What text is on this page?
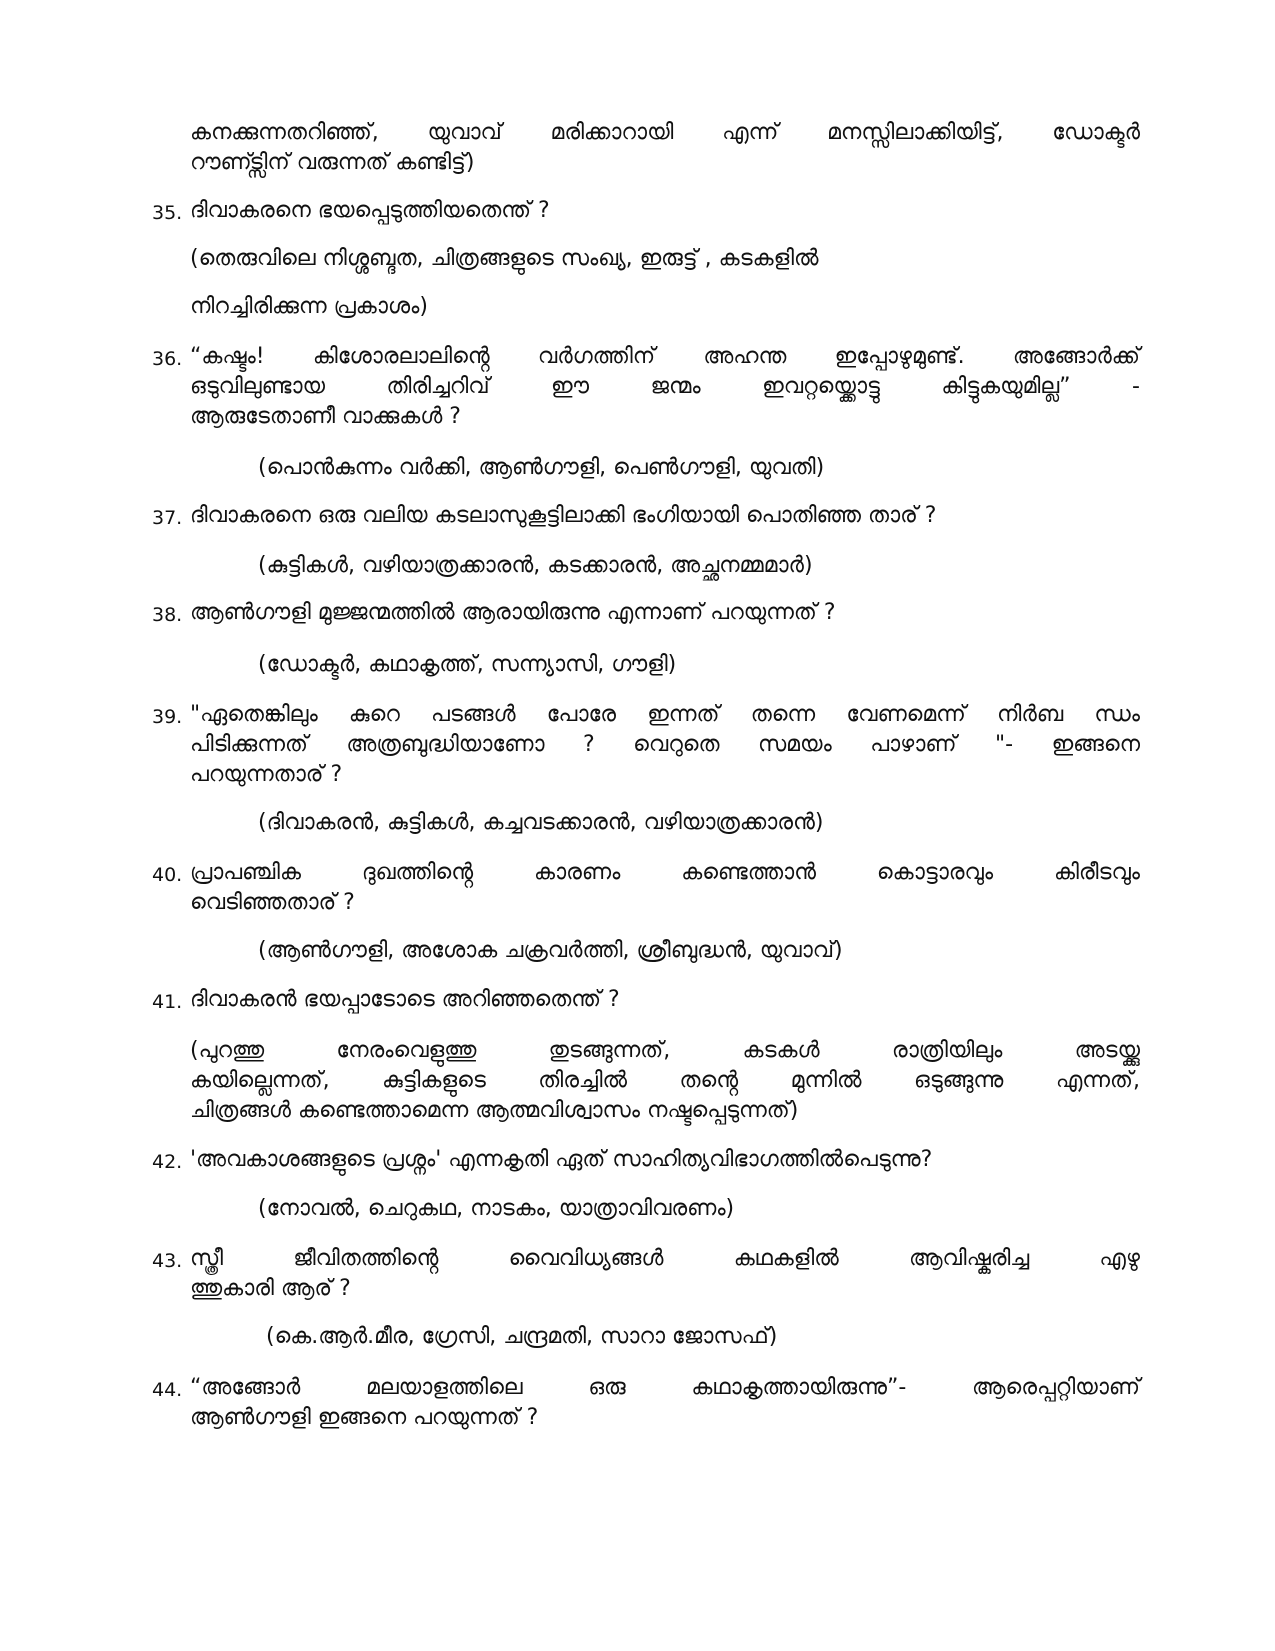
കനക്കുന്നതറിഞ്ഞ്, യുവാവ് മരിക്കാറായി എന്ന് മനസ്സിലാക്കിയിട്ട്, ഡോക്ടർ
റൗണ്ട്സിന് വരുന്നത് കണ്ടിട്ട്)
35. ദിവാകരനെ ഭയപ്പെടുത്തിയതെന്ത് ?
(തെരുവിലെ നിശ്ശബ്ദത, ചിത്രങ്ങളുടെ സംഖ്യ, ഇരുട്ട് , കടകളിൽ
നിറച്ചിരിക്കുന്ന പ്രകാശം)
36. “കഷ്ടം! കിശോരലാലിൻ്റെ വർഗത്തിന് അഹന്ത ഇപ്പോഴുമുണ്ട്. അങ്ങോർക്ക്
ഒടുവിലുണ്ടായ തിരിച്ചറിവ് ഈ ജന്മം ഇവറ്റയ്ക്കൊട്ടു കിട്ടുകയുമില്ല” -
ആരുടേതാണീ വാക്കുകൾ ?
(പൊൻകുന്നം വർക്കി, ആൺഗൗളി, പെൺഗൗളി, യുവതി)
37. ദിവാകരനെ ഒരു വലിയ കടലാസുകൂട്ടിലാക്കി ഭംഗിയായി പൊതിഞ്ഞ താര് ?
(കുട്ടികൾ, വഴിയാത്രക്കാരൻ, കടക്കാരൻ, അച്ഛനമ്മമാർ)
38. ആൺഗൗളി മുജ്ജന്മത്തിൽ ആരായിരുന്നു എന്നാണ് പറയുന്നത് ?
(ഡോക്ടർ, കഥാകൃത്ത്, സന്ന്യാസി, ഗൗളി)
39. "ഏതെങ്കിലും കുറെ പടങ്ങൾ പോരേ ഇന്നത് തന്നെ വേണമെന്ന് നിർബ ന്ധം
പിടിക്കുന്നത് അത്രബുദ്ധിയാണോ ? വെറുതെ സമയം പാഴാണ് "- ഇങ്ങനെ
പറയുന്നതാര് ?
(ദിവാകരൻ, കുട്ടികൾ, കച്ചവടക്കാരൻ, വഴിയാത്രക്കാരൻ)
40. പ്രാപഞ്ചിക ദുഖത്തിൻ്റെ കാരണം കണ്ടെത്താൻ കൊട്ടാരവും കിരീടവും
വെടിഞ്ഞതാര് ?
(ആൺഗൗളി, അശോക ചക്രവർത്തി, ശ്രീബുദ്ധൻ, യുവാവ്)
41. ദിവാകരൻ ഭയപ്പാടോടെ അറിഞ്ഞതെന്ത് ?
(പുറത്തു നേരംവെളുത്തു തുടങ്ങുന്നത്, കടകൾ രാത്രിയിലും അടയ്ക്കു
കയില്ലെന്നത്, കുട്ടികളുടെ തിരച്ചിൽ തൻ്റെ മുന്നിൽ ഒടുങ്ങുന്നു എന്നത്,
ചിത്രങ്ങൾ കണ്ടെത്താമെന്ന ആത്മവിശ്വാസം നഷ്ടപ്പെടുന്നത്)
42. 'അവകാശങ്ങളുടെ പ്രശ്നം' എന്നകൃതി ഏത് സാഹിത്യവിഭാഗത്തിൽപെടുന്നു?
(നോവൽ, ചെറുകഥ, നാടകം, യാത്രാവിവരണം)
43. സ്ത്രീ ജീവിതത്തിൻ്റെ വൈവിധ്യങ്ങൾ കഥകളിൽ ആവിഷ്കരിച്ച എഴു
ത്തുകാരി ആര് ?
(കെ.ആർ.മീര, ഗ്രേസി, ചന്ദ്രമതി, സാറാ ജോസഫ്)
44. “അങ്ങോർ മലയാളത്തിലെ ഒരു കഥാകൃത്തായിരുന്നു”- ആരെപ്പറ്റിയാണ്
ആൺഗൗളി ഇങ്ങനെ പറയുന്നത് ?
